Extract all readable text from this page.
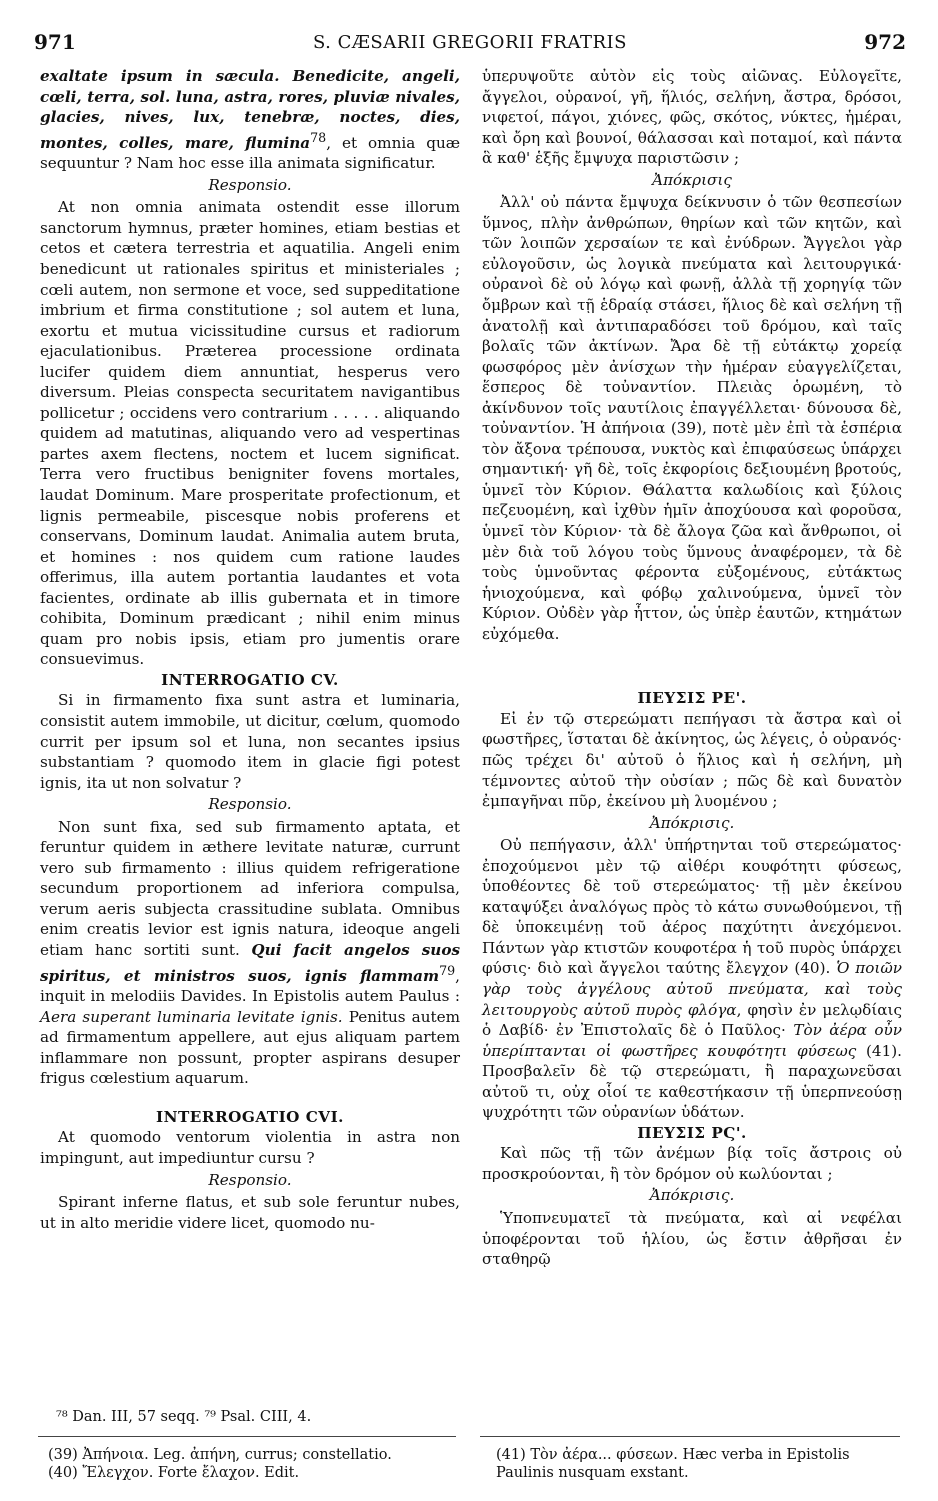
971	S. CÆSARII GREGORII FRATRIS	972

exaltate ipsum in sæcula. Benedicite, angeli, cœli, terra, sol. luna, astra, rores, pluviæ nivales, glacies, nives, lux, tenebræ, noctes, dies, montes, colles, mare, flumina$^{78}$, et omnia quæ sequuntur ? Nam hoc esse illa animata significatur.

Responsio.

At non omnia animata ostendit esse illorum sanctorum hymnus, præter homines, etiam bestias et cetos et cætera terrestria et aquatilia. Angeli enim benedicunt ut rationales spiritus et ministeriales ; cœli autem, non sermone et voce, sed suppeditatione imbrium et firma constitutione ; sol autem et luna, exortu et mutua vicissitudine cursus et radiorum ejaculationibus. Præterea processione ordinata lucifer quidem diem annuntiat, hesperus vero diversum. Pleias conspecta securitatem navigantibus pollicetur ; occidens vero contrarium . . . . . aliquando quidem ad matutinas, aliquando vero ad vespertinas partes axem flectens, noctem et lucem significat. Terra vero fructibus benigniter fovens mortales, laudat Dominum. Mare prosperitate profectionum, et lignis permeabile, piscesque nobis proferens et conservans, Dominum laudat. Animalia autem bruta, et homines : nos quidem cum ratione laudes offerimus, illa autem portantia laudantes et vota facientes, ordinate ab illis gubernata et in timore cohibita, Dominum prædicant ; nihil enim minus quam pro nobis ipsis, etiam pro jumentis orare consuevimus.

INTERROGATIO CV.

Si in firmamento fixa sunt astra et luminaria, consistit autem immobile, ut dicitur, cœlum, quomodo currit per ipsum sol et luna, non secantes ipsius substantiam ? quomodo item in glacie figi potest ignis, ita ut non solvatur ?

Responsio.

Non sunt fixa, sed sub firmamento aptata, et feruntur quidem in æthere levitate naturæ, currunt vero sub firmamento : illius quidem refrigeratione secundum proportionem ad inferiora compulsa, verum aeris subjecta crassitudine sublata. Omnibus enim creatis levior est ignis natura, ideoque angeli etiam hanc sortiti sunt. Qui facit angelos suos spiritus, et ministros suos, ignis flammam$^{79}$, inquit in melodiis Davides. In Epistolis autem Paulus : Aera superant luminaria levitate ignis. Penitus autem ad firmamentum appellere, aut ejus aliquam partem inflammare non possunt, propter aspirans desuper frigus cœlestium aquarum.

INTERROGATIO CVI.

At quomodo ventorum violentia in astra non impingunt, aut impediuntur cursu ?

Responsio.

Spirant inferne flatus, et sub sole feruntur nubes, ut in alto meridie videre licet, quomodo nu-

ὑπερυψοῦτε αὐτὸν εἰς τοὺς αἰῶνας. Εὐλογεῖτε, ἄγγελοι, οὐρανοί, γῆ, ἥλιός, σελήνη, ἄστρα, δρόσοι, νιφετοί, πάγοι, χιόνες, φῶς, σκότος, νύκτες, ἡμέραι, καὶ ὄρη καὶ βουνοί, θάλασσαι καὶ ποταμοί, καὶ πάντα ἃ καθ' ἑξῆς ἔμψυχα παριστῶσιν ;

Ἀπόκρισις

Ἀλλ' οὐ πάντα ἔμψυχα δείκνυσιν ὁ τῶν θεσπεσίων ὕμνος, πλὴν ἀνθρώπων, θηρίων καὶ τῶν κητῶν, καὶ τῶν λοιπῶν χερσαίων τε καὶ ἐνύδρων. Ἄγγελοι γὰρ εὐλογοῦσιν, ὡς λογικὰ πνεύματα καὶ λειτουργικά· οὐρανοὶ δὲ οὐ λόγῳ καὶ φωνῇ, ἀλλὰ τῇ χορηγίᾳ τῶν ὄμβρων καὶ τῇ ἑδραίᾳ στάσει, ἥλιος δὲ καὶ σελήνη τῇ ἀνατολῇ καὶ ἀντιπαραδόσει τοῦ δρόμου, καὶ ταῖς βολαῖς τῶν ἀκτίνων. Ἄρα δὲ τῇ εὐτάκτῳ χορείᾳ φωσφόρος μὲν ἀνίσχων τὴν ἡμέραν εὐαγγελίζεται, ἕσπερος δὲ τοὐναντίον. Πλειὰς ὁρωμένη, τὸ ἀκίνδυνον τοῖς ναυτίλοις ἐπαγγέλλεται· δύνουσα δὲ, τοὐναντίον. Ἡ ἀπήνοια (39), ποτὲ μὲν ἐπὶ τὰ ἑσπέρια τὸν ἄξονα τρέπουσα, νυκτὸς καὶ ἐπιφαύσεως ὑπάρχει σημαντική· γῆ δὲ, τοῖς ἐκφορίοις δεξιουμένη βροτούς, ὑμνεῖ τὸν Κύριον. Θάλαττα καλωδίοις καὶ ξύλοις πεζευομένη, καὶ ἰχθὺν ἡμῖν ἀποχύουσα καὶ φοροῦσα, ὑμνεῖ τὸν Κύριον· τὰ δὲ ἄλογα ζῶα καὶ ἄνθρωποι, οἱ μὲν διὰ τοῦ λόγου τοὺς ὕμνους ἀναφέρομεν, τὰ δὲ τοὺς ὑμνοῦντας φέροντα εὐξομένους, εὐτάκτως ἡνιοχούμενα, καὶ φόβῳ χαλινούμενα, ὑμνεῖ τὸν Κύριον. Οὐδὲν γὰρ ἧττον, ὡς ὑπὲρ ἑαυτῶν, κτημάτων εὐχόμεθα.

ΠΕΥΣΙΣ ΡΕ'.

Εἰ ἐν τῷ στερεώματι πεπήγασι τὰ ἄστρα καὶ οἱ φωστῆρες, ἵσταται δὲ ἀκίνητος, ὡς λέγεις, ὁ οὐρανός· πῶς τρέχει δι' αὐτοῦ ὁ ἥλιος καὶ ἡ σελήνη, μὴ τέμνοντες αὐτοῦ τὴν οὐσίαν ; πῶς δὲ καὶ δυνατὸν ἐμπαγῆναι πῦρ, ἐκείνου μὴ λυομένου ;

Ἀπόκρισις.

Οὐ πεπήγασιν, ἀλλ' ὑπήρτηνται τοῦ στερεώματος· ἐποχούμενοι μὲν τῷ αἰθέρι κουφότητι φύσεως, ὑποθέοντες δὲ τοῦ στερεώματος· τῇ μὲν ἐκείνου καταψύξει ἀναλόγως πρὸς τὸ κάτω συνωθούμενοι, τῇ δὲ ὑποκειμένῃ τοῦ ἀέρος παχύτητι ἀνεχόμενοι. Πάντων γὰρ κτιστῶν κουφοτέρα ἡ τοῦ πυρὸς ὑπάρχει φύσις· διὸ καὶ ἄγγελοι ταύτης ἔλεγχον (40). Ὁ ποιῶν γὰρ τοὺς ἀγγέλους αὐτοῦ πνεύματα, καὶ τοὺς λειτουργοὺς αὐτοῦ πυρὸς φλόγα, φησὶν ἐν μελῳδίαις ὁ Δαβίδ· ἐν Ἐπιστολαῖς δὲ ὁ Παῦλος· Τὸν ἀέρα οὖν ὑπερίπτανται οἱ φωστῆρες κουφότητι φύσεως (41). Προσβαλεῖν δὲ τῷ στερεώματι, ἢ παραχωνεῦσαι αὐτοῦ τι, οὐχ οἷοί τε καθεστήκασιν τῇ ὑπερπνεούσῃ ψυχρότητι τῶν οὐρανίων ὑδάτων.

ΠΕΥΣΙΣ ΡϚ'.

Καὶ πῶς τῇ τῶν ἀνέμων βίᾳ τοῖς ἄστροις οὐ προσκρούονται, ἢ τὸν δρόμον οὐ κωλύονται ;

Ἀπόκρισις.

Ὑποπνευματεῖ τὰ πνεύματα, καὶ αἱ νεφέλαι ὑποφέρονται τοῦ ἡλίου, ὡς ἔστιν ἀθρῆσαι ἐν σταθηρῷ

⁷⁸ Dan. III, 57 seqq. ⁷⁹ Psal. CIII, 4.

(39) Ἀπήνοια. Leg. ἀπήνη, currus; constellatio.

(40) Ἔλεγχον. Forte ἔλαχον. Edit.

(41) Τὸν ἀέρα... φύσεων. Hæc verba in Epistolis Paulinis nusquam exstant.
